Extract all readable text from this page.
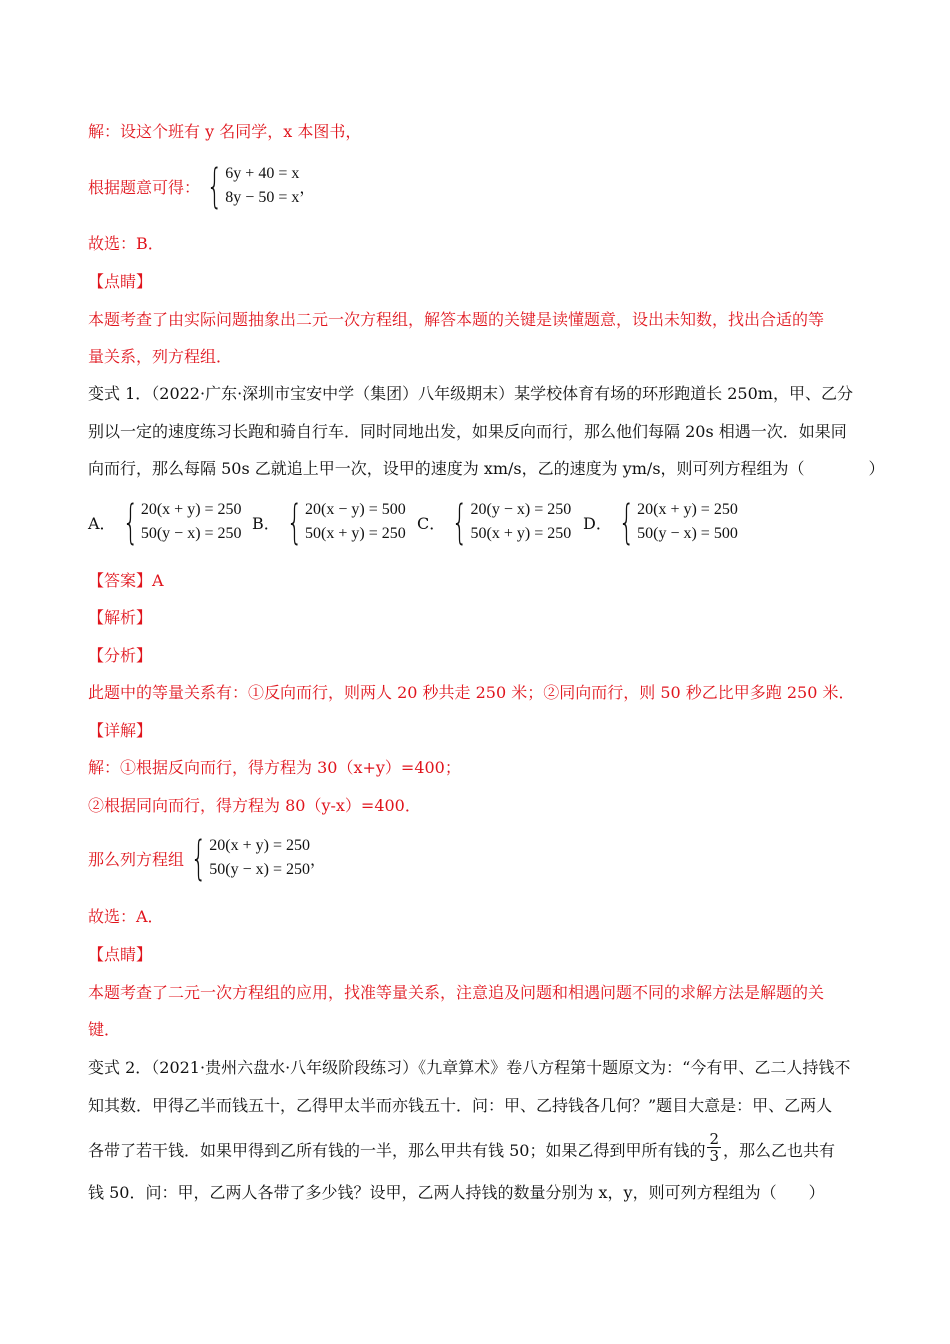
解：设这个班有 y 名同学，x 本图书，
根据题意可得： { 6y + 40 = x
8y − 50 = x
，
故选：B．
【点睛】
本题考查了由实际问题抽象出二元一次方程组，解答本题的关键是读懂题意，设出未知数，找出合适的等
量关系，列方程组．
变式 1．（2022·广东·深圳市宝安中学（集团）八年级期末）某学校体育有场的环形跑道长 250m，甲、乙分
别以一定的速度练习长跑和骑自行车．同时同地出发，如果反向而行，那么他们每隔 20s 相遇一次．如果同
向而行，那么每隔 50s 乙就追上甲一次，设甲的速度为 xm/s，乙的速度为 ym/s，则可列方程组为（　　　　）
A． { 20(x + y) = 250
50(y − x) = 250
B． { 20(x − y) = 500
50(x + y) = 250
C． { 20(y − x) = 250
50(x + y) = 250
D． { 20(x + y) = 250
50(y − x) = 500
【答案】A
【解析】
【分析】
此题中的等量关系有：①反向而行，则两人 20 秒共走 250 米；②同向而行，则 50 秒乙比甲多跑 250 米．
【详解】
解：①根据反向而行，得方程为 30（x+y）=400；
②根据同向而行，得方程为 80（y-x）=400．
那么列方程组 { 20(x + y) = 250
50(y − x) = 250
，
故选：A．
【点睛】
本题考查了二元一次方程组的应用，找准等量关系，注意追及问题和相遇问题不同的求解方法是解题的关
键．
变式 2．（2021·贵州六盘水·八年级阶段练习）《九章算术》卷八方程第十题原文为：“今有甲、乙二人持钱不
知其数．甲得乙半而钱五十，乙得甲太半而亦钱五十．问：甲、乙持钱各几何？”题目大意是：甲、乙两人
各带了若干钱．如果甲得到乙所有钱的一半，那么甲共有钱 50；如果乙得到甲所有钱的 $\frac{2}{3}$ ，那么乙也共有
钱 50．问：甲，乙两人各带了多少钱？设甲，乙两人持钱的数量分别为 x，y，则可列方程组为（　　）
